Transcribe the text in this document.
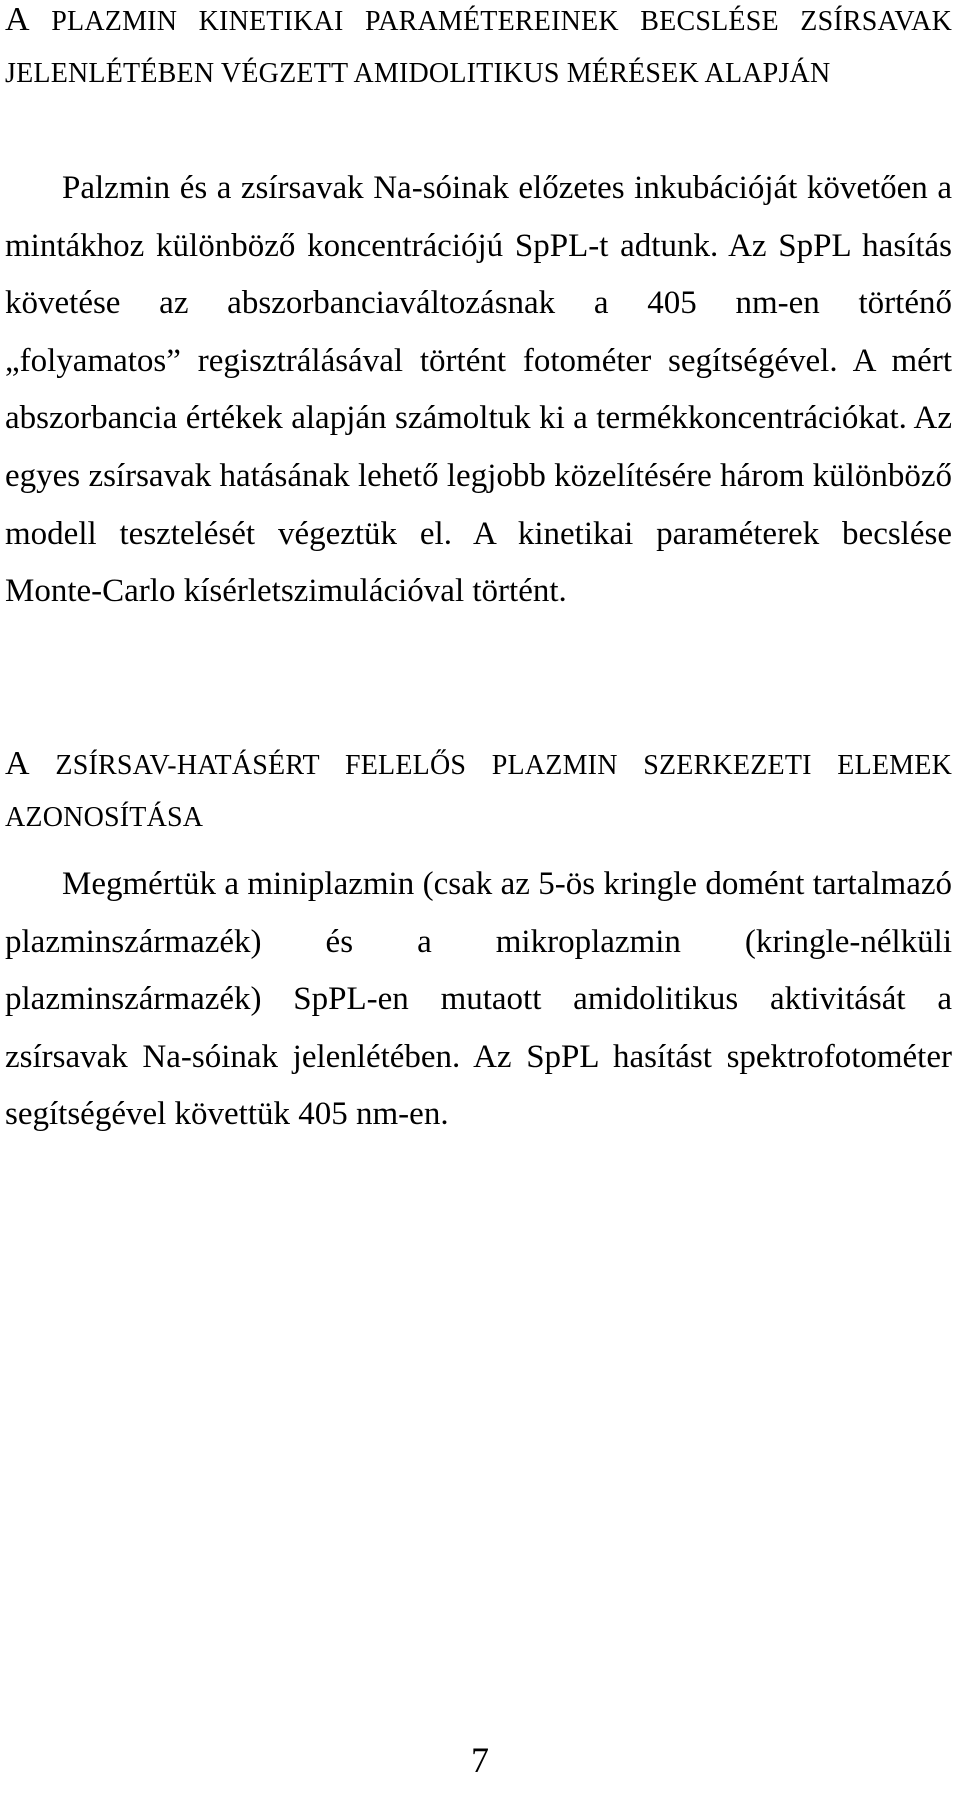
A PLAZMIN KINETIKAI PARAMÉTEREINEK BECSLÉSE ZSÍRSAVAK JELENLÉTÉBEN VÉGZETT AMIDOLITIKUS MÉRÉSEK ALAPJÁN

Palzmin és a zsírsavak Na-sóinak előzetes inkubációját követően a mintákhoz különböző koncentrációjú SpPL-t adtunk. Az SpPL hasítás követése az abszorbanciaváltozásnak a 405 nm-en történő „folyamatos” regisztrálásával történt fotométer segítségével. A mért abszorbancia értékek alapján számoltuk ki a termékkoncentrációkat. Az egyes zsírsavak hatásának lehető legjobb közelítésére három különböző modell tesztelését végeztük el. A kinetikai paraméterek becslése Monte-Carlo kísérletszimulációval történt.

A ZSÍRSAV-HATÁSÉRT FELELŐS PLAZMIN SZERKEZETI ELEMEK AZONOSÍTÁSA

Megmértük a miniplazmin (csak az 5-ös kringle domént tartalmazó plazminszármazék) és a mikroplazmin (kringle-nélküli plazminszármazék) SpPL-en mutaott amidolitikus aktivitását a zsírsavak Na-sóinak jelenlétében. Az SpPL hasítást spektrofotométer segítségével követtük 405 nm-en.

7
